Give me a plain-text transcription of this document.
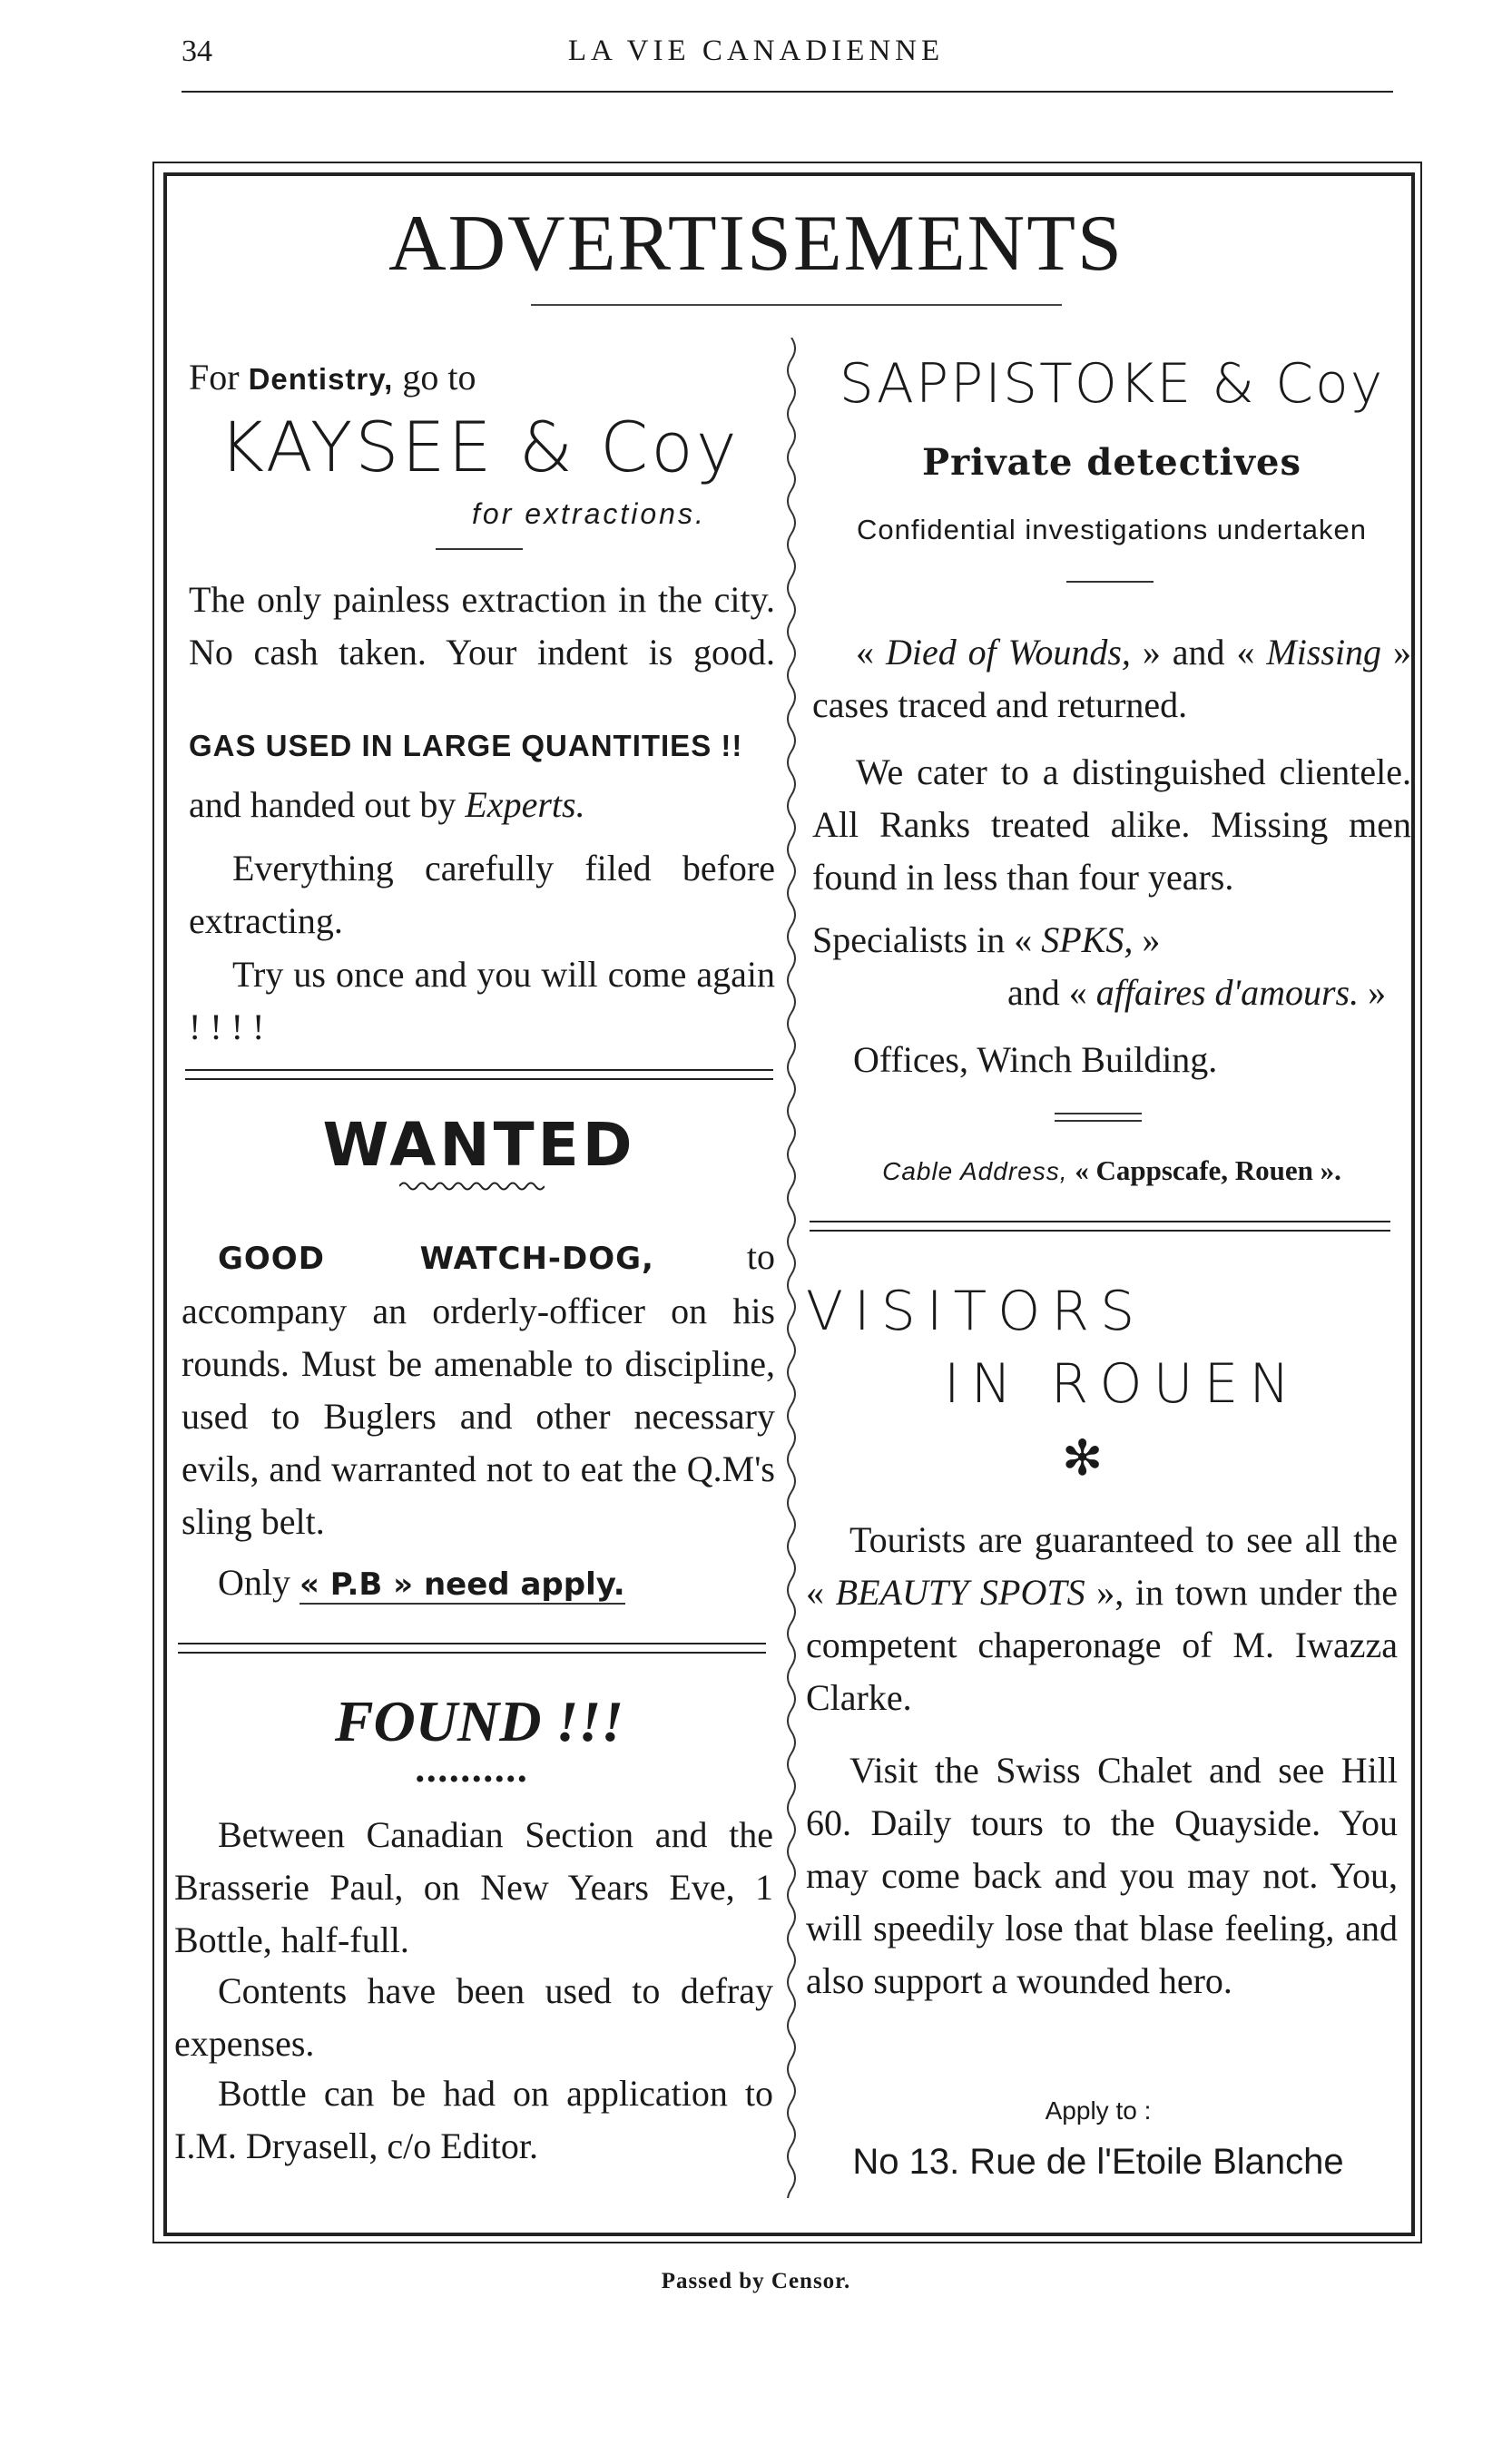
34	LA VIE CANADIENNE
ADVERTISEMENTS
For Dentistry, go to
KAYSEE & Coy
for extractions.
The only painless extraction in the city. No cash taken. Your indent is good.
GAS USED IN LARGE QUANTITIES !!
and handed out by Experts.
Everything carefully filed before extracting.
Try us once and you will come again ! ! ! !
WANTED
GOOD WATCH-DOG, to accompany an orderly-officer on his rounds. Must be amenable to discipline, used to Buglers and other necessary evils, and warranted not to eat the Q.M's sling belt.
Only « P.B » need apply.
FOUND !!!
••••••••••
Between Canadian Section and the Brasserie Paul, on New Years Eve, 1 Bottle, half-full.
Contents have been used to defray expenses.
Bottle can be had on application to I.M. Dryasell, c/o Editor.
SAPPISTOKE & Coy
Private detectives
Confidential investigations undertaken
« Died of Wounds, » and « Missing » cases traced and returned.
We cater to a distinguished clientele. All Ranks treated alike. Missing men found in less than four years.
Specialists in « SPKS, »
and « affaires d'amours. »
Offices, Winch Building.
Cable Address, « Cappscafe, Rouen ».
VISITORS
IN ROUEN
✻
Tourists are guaranteed to see all the « BEAUTY SPOTS », in town under the competent chaperonage of M. Iwazza Clarke.
Visit the Swiss Chalet and see Hill 60. Daily tours to the Quayside. You may come back and you may not. You, will speedily lose that blase feeling, and also support a wounded hero.
Apply to :
No 13. Rue de l'Etoile Blanche
Passed by Censor.
